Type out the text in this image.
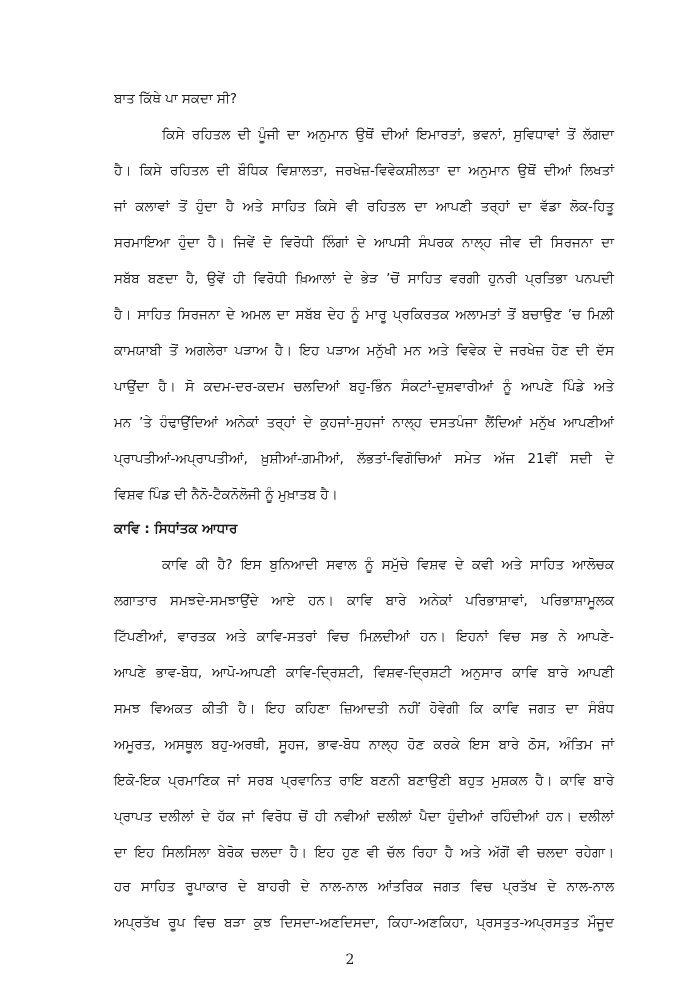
ਬਾਤ ਕਿੱਥੇ ਪਾ ਸਕਦਾ ਸੀ?

ਕਿਸੇ ਰਹਿਤਲ ਦੀ ਪੂੰਜੀ ਦਾ ਅਨੁਮਾਨ ਉਥੋਂ ਦੀਆਂ ਇਮਾਰਤਾਂ, ਭਵਨਾਂ, ਸੁਵਿਧਾਵਾਂ ਤੋਂ ਲੱਗਦਾ

ਹੈ। ਕਿਸੇ ਰਹਿਤਲ ਦੀ ਬੌਧਿਕ ਵਿਸ਼ਾਲਤਾ, ਜਰਖੇਜ਼-ਵਿਵੇਕਸ਼ੀਲਤਾ ਦਾ ਅਨੁਮਾਨ ਉਥੋਂ ਦੀਆਂ ਲਿਖਤਾਂ

ਜਾਂ ਕਲਾਵਾਂ ਤੋਂ ਹੁੰਦਾ ਹੈ ਅਤੇ ਸਾਹਿਤ ਕਿਸੇ ਵੀ ਰਹਿਤਲ ਦਾ ਆਪਣੀ ਤਰ੍ਹਾਂ ਦਾ ਵੱਡਾ ਲੋਕ-ਹਿਤੂ

ਸਰਮਾਇਆ ਹੁੰਦਾ ਹੈ। ਜਿਵੇਂ ਦੋ ਵਿਰੋਧੀ ਲਿੰਗਾਂ ਦੇ ਆਪਸੀ ਸੰਪਰਕ ਨਾਲ੍ਹ ਜੀਵ ਦੀ ਸਿਰਜਨਾ ਦਾ

ਸਬੱਬ ਬਣਦਾ ਹੈ, ਉਵੇਂ ਹੀ ਵਿਰੋਧੀ ਖ਼ਿਆਲਾਂ ਦੇ ਭੇੜ ’ਚੋਂ ਸਾਹਿਤ ਵਰਗੀ ਹੁਨਰੀ ਪ੍ਰਤਿਭਾ ਪਨਪਦੀ

ਹੈ। ਸਾਹਿਤ ਸਿਰਜਨਾ ਦੇ ਅਮਲ ਦਾ ਸਬੱਬ ਦੇਹ ਨੂੰ ਮਾਰੂ ਪ੍ਰਕਿਰਤਕ ਅਲਾਮਤਾਂ ਤੋਂ ਬਚਾਉਣ ’ਚ ਮਿਲ਼ੀ

ਕਾਮਯਾਬੀ ਤੋਂ ਅਗਲੇਰਾ ਪੜਾਅ ਹੈ। ਇਹ ਪੜਾਅ ਮਨੁੱਖੀ ਮਨ ਅਤੇ ਵਿਵੇਕ ਦੇ ਜਰਖੇਜ਼ ਹੋਣ ਦੀ ਦੱਸ

ਪਾਉਂਦਾ ਹੈ। ਸੋ ਕਦਮ-ਦਰ-ਕਦਮ ਚਲਦਿਆਂ ਬਹੁ-ਭਿੰਨ ਸੰਕਟਾਂ-ਦੁਸ਼ਵਾਰੀਆਂ ਨੂੰ ਆਪਣੇ ਪਿੰਡੇ ਅਤੇ

ਮਨ ’ਤੇ ਹੰਢਾਉਂਦਿਆਂ ਅਨੇਕਾਂ ਤਰ੍ਹਾਂ ਦੇ ਕੁਹਜਾਂ-ਸੁਹਜਾਂ ਨਾਲ੍ਹ ਦਸਤਪੰਜਾ ਲੈਂਦਿਆਂ ਮਨੁੱਖ ਆਪਣੀਆਂ

ਪ੍ਰਾਪਤੀਆਂ-ਅਪ੍ਰਾਪਤੀਆਂ, ਖ਼ੁਸ਼ੀਆਂ-ਗ਼ਮੀਆਂ, ਲੱਭਤਾਂ-ਵਿਗੋਚਿਆਂ ਸਮੇਤ ਅੱਜ 21ਵੀਂ ਸਦੀ ਦੇ

ਵਿਸ਼ਵ ਪਿੰਡ ਦੀ ਨੈਨੋ-ਟੈਕਨੋਲੋਜੀ ਨੂੰ ਮੁਖ਼ਾਤਬ ਹੈ।

ਕਾਵਿ : ਸਿਧਾਂਤਕ ਆਧਾਰ

ਕਾਵਿ ਕੀ ਹੈ? ਇਸ ਬੁਨਿਆਦੀ ਸਵਾਲ ਨੂੰ ਸਮੁੱਚੇ ਵਿਸ਼ਵ ਦੇ ਕਵੀ ਅਤੇ ਸਾਹਿਤ ਆਲੋਚਕ

ਲਗਾਤਾਰ ਸਮਝਦੇ-ਸਮਝਾਉਂਦੇ ਆਏ ਹਨ। ਕਾਵਿ ਬਾਰੇ ਅਨੇਕਾਂ ਪਰਿਭਾਸ਼ਾਵਾਂ, ਪਰਿਭਾਸ਼ਾਮੂਲਕ

ਟਿੱਪਣੀਆਂ, ਵਾਰਤਕ ਅਤੇ ਕਾਵਿ-ਸਤਰਾਂ ਵਿਚ ਮਿਲ਼ਦੀਆਂ ਹਨ। ਇਹਨਾਂ ਵਿਚ ਸਭ ਨੇ ਆਪਣੇ-

ਆਪਣੇ ਭਾਵ-ਬੋਧ, ਆਪੋ-ਆਪਣੀ ਕਾਵਿ-ਦ੍ਰਿਸ਼ਟੀ, ਵਿਸ਼ਵ-ਦ੍ਰਿਸ਼ਟੀ ਅਨੁਸਾਰ ਕਾਵਿ ਬਾਰੇ ਆਪਣੀ

ਸਮਝ ਵਿਅਕਤ ਕੀਤੀ ਹੈ। ਇਹ ਕਹਿਣਾ ਜ਼ਿਆਦਤੀ ਨਹੀਂ ਹੋਵੇਗੀ ਕਿ ਕਾਵਿ ਜਗਤ ਦਾ ਸੰਬੰਧ

ਅਮੂਰਤ, ਅਸਥੂਲ ਬਹੁ-ਅਰਥੀ, ਸੂਹਜ, ਭਾਵ-ਬੋਧ ਨਾਲ੍ਹ ਹੋਣ ਕਰਕੇ ਇਸ ਬਾਰੇ ਠੋਸ, ਅੰਤਿਮ ਜਾਂ

ਇਕੋ-ਇਕ ਪ੍ਰਮਾਣਿਕ ਜਾਂ ਸਰਬ ਪ੍ਰਵਾਨਿਤ ਰਾਇ ਬਣਨੀ ਬਣਾਉਣੀ ਬਹੁਤ ਮੁਸ਼ਕਲ ਹੈ। ਕਾਵਿ ਬਾਰੇ

ਪ੍ਰਾਪਤ ਦਲੀਲਾਂ ਦੇ ਹੱਕ ਜਾਂ ਵਿਰੋਧ ਚੋਂ ਹੀ ਨਵੀਆਂ ਦਲੀਲਾਂ ਪੈਦਾ ਹੁੰਦੀਆਂ ਰਹਿੰਦੀਆਂ ਹਨ। ਦਲੀਲਾਂ

ਦਾ ਇਹ ਸਿਲਸਿਲਾ ਬੇਰੋਕ ਚਲਦਾ ਹੈ। ਇਹ ਹੁਣ ਵੀ ਚੱਲ ਰਿਹਾ ਹੈ ਅਤੇ ਅੱਗੋਂ ਵੀ ਚਲਦਾ ਰਹੇਗਾ।

ਹਰ ਸਾਹਿਤ ਰੂਪਾਕਾਰ ਦੇ ਬਾਹਰੀ ਦੇ ਨਾਲ-ਨਾਲ ਆਂਤਰਿਕ ਜਗਤ ਵਿਚ ਪ੍ਰਤੱਖ ਦੇ ਨਾਲ-ਨਾਲ

2

ਅਪ੍ਰਤੱਖ ਰੂਪ ਵਿਚ ਬੜਾ ਕੁਝ ਦਿਸਦਾ-ਅਣਦਿਸਦਾ, ਕਿਹਾ-ਅਣਕਿਹਾ, ਪ੍ਰਸਤੁਤ-ਅਪ੍ਰਸਤੁਤ ਮੌਜੂਦ
